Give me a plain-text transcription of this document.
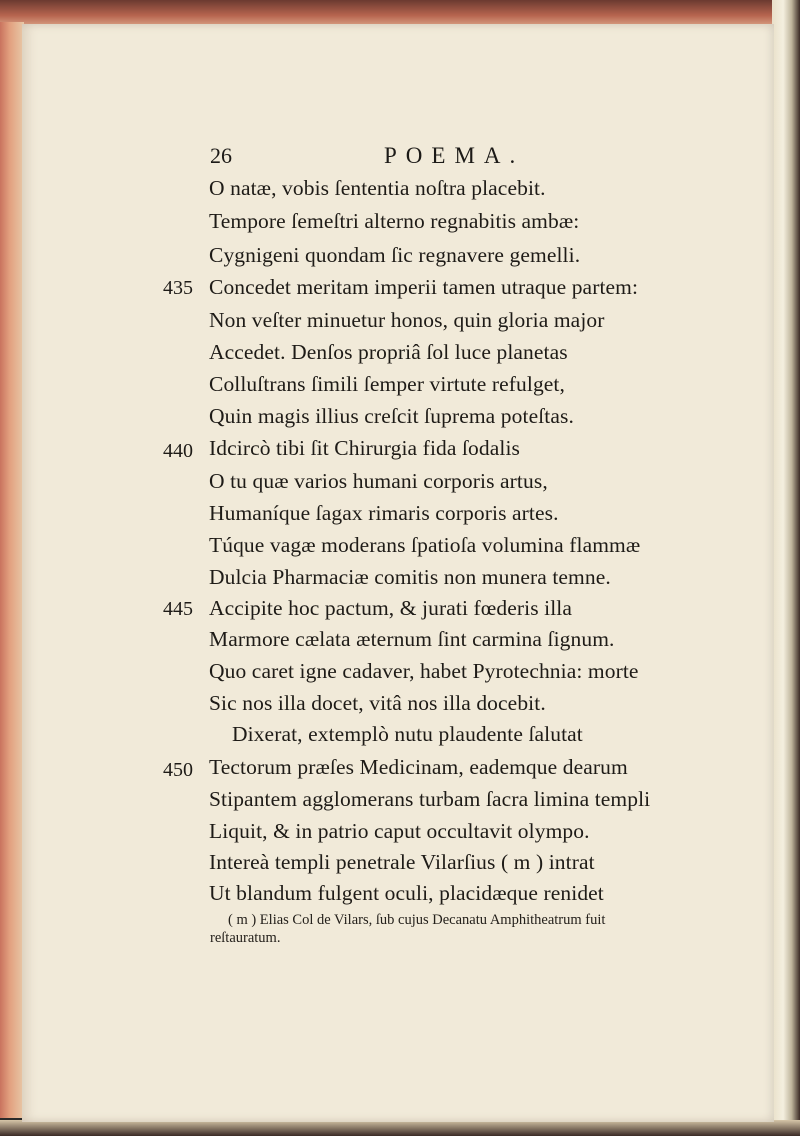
26	POEMA.
O natæ, vobis ſententia noſtra placebit.
Tempore ſemeſtri alterno regnabitis ambæ:
Cygnigeni quondam ſic regnavere gemelli.
435 Concedet meritam imperii tamen utraque partem:
Non veſter minuetur honos, quin gloria major
Accedet. Denſos propriâ ſol luce planetas
Colluſtrans ſimili ſemper virtute refulget,
Quin magis illius creſcit ſuprema poteſtas.
440 Idcircò tibi ſit Chirurgia fida ſodalis
O tu quæ varios humani corporis artus,
Humaníque ſagax rimaris corporis artes.
Túque vagæ moderans ſpatioſa volumina flammæ
Dulcia Pharmaciæ comitis non munera temne.
445 Accipite hoc pactum, & jurati fœderis illa
Marmore cælata æternum ſint carmina ſignum.
Quo caret igne cadaver, habet Pyrotechnia: morte
Sic nos illa docet, vitâ nos illa docebit.
Dixerat, extemplò nutu plaudente ſalutat
450 Tectorum præſes Medicinam, eademque dearum
Stipantem agglomerans turbam ſacra limina templi
Liquit, & in patrio caput occultavit olympo.
Intereà templi penetrale Vilarſius ( m ) intrat
Ut blandum fulgent oculi, placidæque renidet
( m ) Elias Col de Vilars, ſub cujus Decanatu Amphitheatrum fuit
reſtauratum.
